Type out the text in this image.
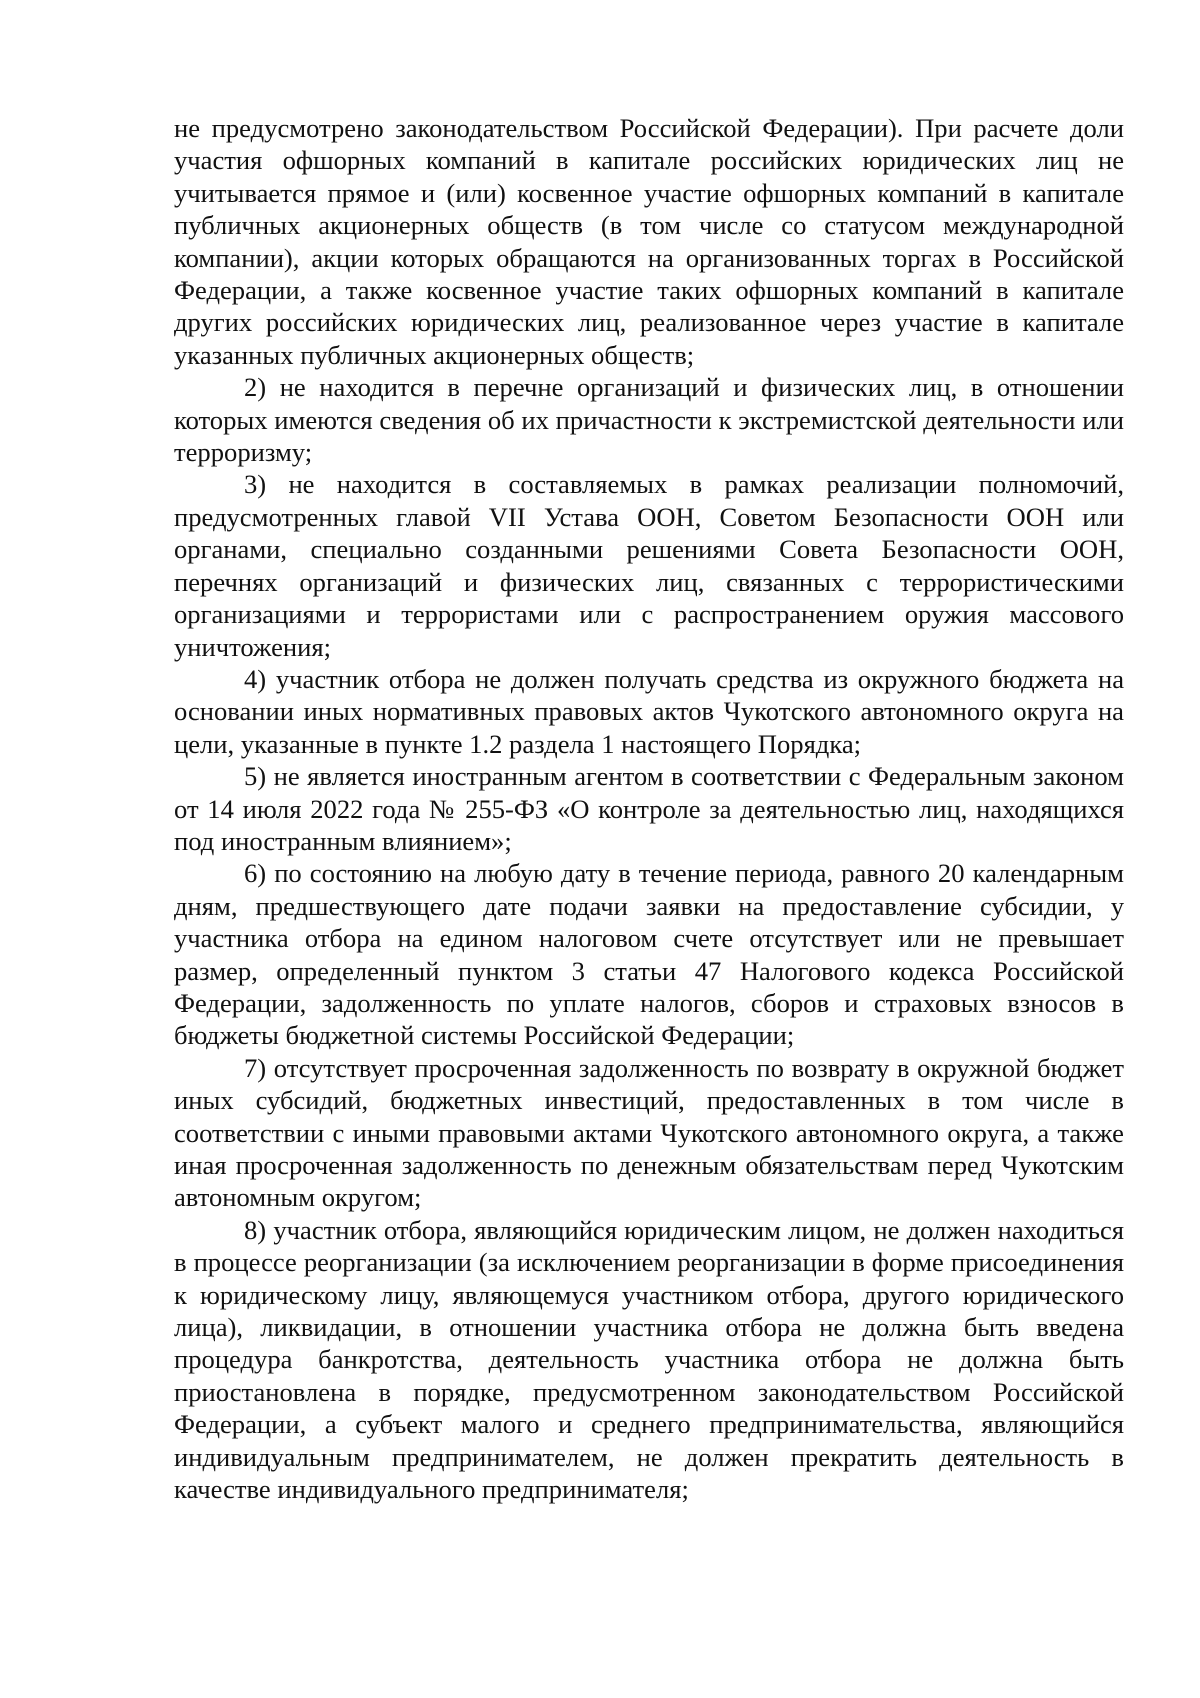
не предусмотрено законодательством Российской Федерации). При расчете доли участия офшорных компаний в капитале российских юридических лиц не учитывается прямое и (или) косвенное участие офшорных компаний в капитале публичных акционерных обществ (в том числе со статусом международной компании), акции которых обращаются на организованных торгах в Российской Федерации, а также косвенное участие таких офшорных компаний в капитале других российских юридических лиц, реализованное через участие в капитале указанных публичных акционерных обществ;

2) не находится в перечне организаций и физических лиц, в отношении которых имеются сведения об их причастности к экстремистской деятельности или терроризму;

3) не находится в составляемых в рамках реализации полномочий, предусмотренных главой VII Устава ООН, Советом Безопасности ООН или органами, специально созданными решениями Совета Безопасности ООН, перечнях организаций и физических лиц, связанных с террористическими организациями и террористами или с распространением оружия массового уничтожения;

4) участник отбора не должен получать средства из окружного бюджета на основании иных нормативных правовых актов Чукотского автономного округа на цели, указанные в пункте 1.2 раздела 1 настоящего Порядка;

5) не является иностранным агентом в соответствии с Федеральным законом от 14 июля 2022 года № 255-ФЗ «О контроле за деятельностью лиц, находящихся под иностранным влиянием»;

6) по состоянию на любую дату в течение периода, равного 20 календарным дням, предшествующего дате подачи заявки на предоставление субсидии, у участника отбора на едином налоговом счете отсутствует или не превышает размер, определенный пунктом 3 статьи 47 Налогового кодекса Российской Федерации, задолженность по уплате налогов, сборов и страховых взносов в бюджеты бюджетной системы Российской Федерации;

7) отсутствует просроченная задолженность по возврату в окружной бюджет иных субсидий, бюджетных инвестиций, предоставленных в том числе в соответствии с иными правовыми актами Чукотского автономного округа, а также иная просроченная задолженность по денежным обязательствам перед Чукотским автономным округом;

8) участник отбора, являющийся юридическим лицом, не должен находиться в процессе реорганизации (за исключением реорганизации в форме присоединения к юридическому лицу, являющемуся участником отбора, другого юридического лица), ликвидации, в отношении участника отбора не должна быть введена процедура банкротства, деятельность участника отбора не должна быть приостановлена в порядке, предусмотренном законодательством Российской Федерации, а субъект малого и среднего предпринимательства, являющийся индивидуальным предпринимателем, не должен прекратить деятельность в качестве индивидуального предпринимателя;
